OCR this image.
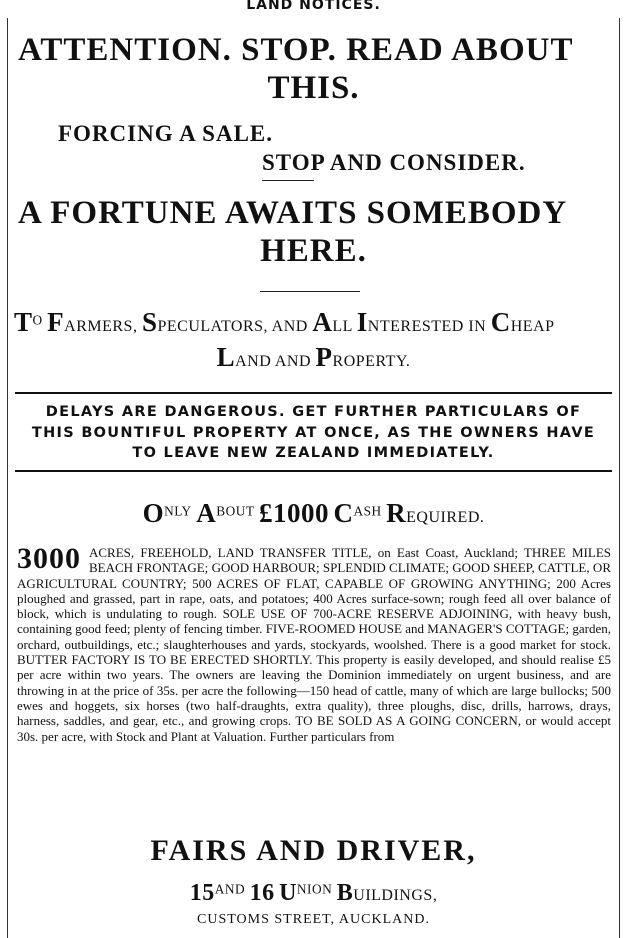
LAND NOTICES.
ATTENTION. STOP. READ ABOUT
THIS.
FORCING A SALE.
STOP AND CONSIDER.
A FORTUNE AWAITS SOMEBODY
HERE.
$T^O$ FARMERS, SPECULATORS, AND ALL INTERESTED IN CHEAP
LAND AND PROPERTY.
DELAYS ARE DANGEROUS. GET FURTHER PARTICULARS OF
THIS BOUNTIFUL PROPERTY AT ONCE, AS THE OWNERS HAVE
TO LEAVE NEW ZEALAND IMMEDIATELY.
$O^{NLY}$ $A^{BOUT}$ £1000 $C^{ASH}$ REQUIRED.
3000 ACRES, FREEHOLD, LAND TRANSFER TITLE, on East Coast, Auckland; THREE MILES BEACH FRONTAGE; GOOD HARBOUR; SPLENDID CLIMATE; GOOD SHEEP, CATTLE, OR AGRICULTURAL COUNTRY; 500 ACRES OF FLAT, CAPABLE OF GROWING ANYTHING; 200 Acres ploughed and grassed, part in rape, oats, and potatoes; 400 Acres surface-sown; rough feed all over balance of block, which is undulating to rough. SOLE USE OF 700-ACRE RESERVE ADJOINING, with heavy bush, containing good feed; plenty of fencing timber. FIVE-ROOMED HOUSE and MANAGER'S COTTAGE; garden, orchard, outbuildings, etc.; slaughterhouses and yards, stockyards, woolshed. There is a good market for stock. BUTTER FACTORY IS TO BE ERECTED SHORTLY. This property is easily developed, and should realise £5 per acre within two years. The owners are leaving the Dominion immediately on urgent business, and are throwing in at the price of 35s. per acre the following—150 head of cattle, many of which are large bullocks; 500 ewes and hoggets, six horses (two half-draughts, extra quality), three ploughs, disc, drills, harrows, drays, harness, saddles, and gear, etc., and growing crops. TO BE SOLD AS A GOING CONCERN, or would accept 30s. per acre, with Stock and Plant at Valuation. Further particulars from
FAIRS AND DRIVER,
$15^{AND}$ 16 $U^{NION}$ BUILDINGS,
CUSTOMS STREET, AUCKLAND.
